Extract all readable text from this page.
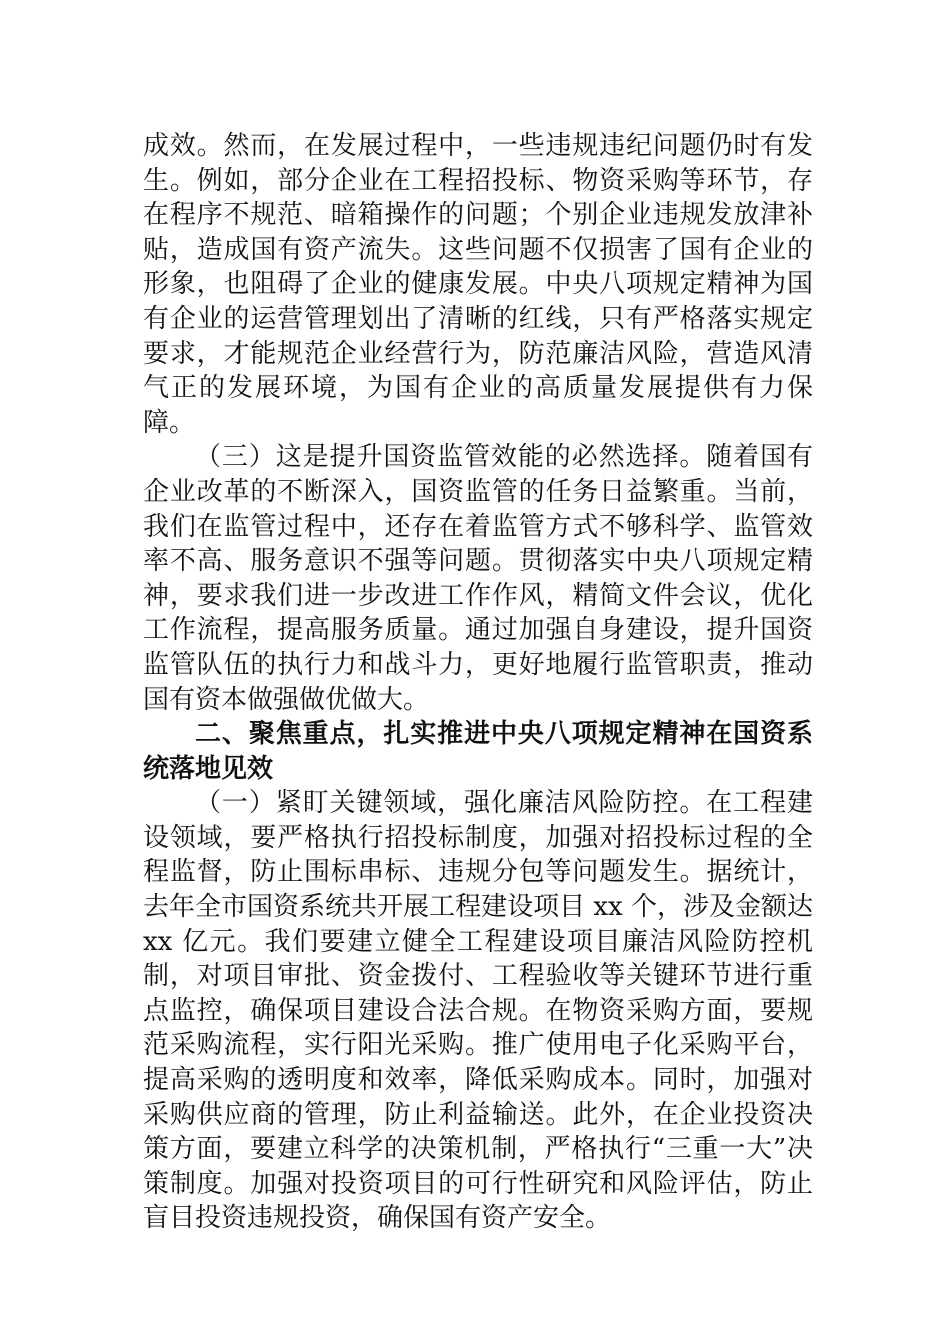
成效。然而，在发展过程中，一些违规违纪问题仍时有发生。例如，部分企业在工程招投标、物资采购等环节，存在程序不规范、暗箱操作的问题；个别企业违规发放津补贴，造成国有资产流失。这些问题不仅损害了国有企业的形象，也阻碍了企业的健康发展。中央八项规定精神为国有企业的运营管理划出了清晰的红线，只有严格落实规定要求，才能规范企业经营行为，防范廉洁风险，营造风清气正的发展环境，为国有企业的高质量发展提供有力保障。

（三）这是提升国资监管效能的必然选择。随着国有企业改革的不断深入，国资监管的任务日益繁重。当前，我们在监管过程中，还存在着监管方式不够科学、监管效率不高、服务意识不强等问题。贯彻落实中央八项规定精神，要求我们进一步改进工作作风，精简文件会议，优化工作流程，提高服务质量。通过加强自身建设，提升国资监管队伍的执行力和战斗力，更好地履行监管职责，推动国有资本做强做优做大。

二、聚焦重点，扎实推进中央八项规定精神在国资系统落地见效

（一）紧盯关键领域，强化廉洁风险防控。在工程建设领域，要严格执行招投标制度，加强对招投标过程的全程监督，防止围标串标、违规分包等问题发生。据统计，去年全市国资系统共开展工程建设项目 xx 个，涉及金额达 xx 亿元。我们要建立健全工程建设项目廉洁风险防控机制，对项目审批、资金拨付、工程验收等关键环节进行重点监控，确保项目建设合法合规。在物资采购方面，要规范采购流程，实行阳光采购。推广使用电子化采购平台，提高采购的透明度和效率，降低采购成本。同时，加强对采购供应商的管理，防止利益输送。此外，在企业投资决策方面，要建立科学的决策机制，严格执行“三重一大”决策制度。加强对投资项目的可行性研究和风险评估，防止盲目投资违规投资，确保国有资产安全。
